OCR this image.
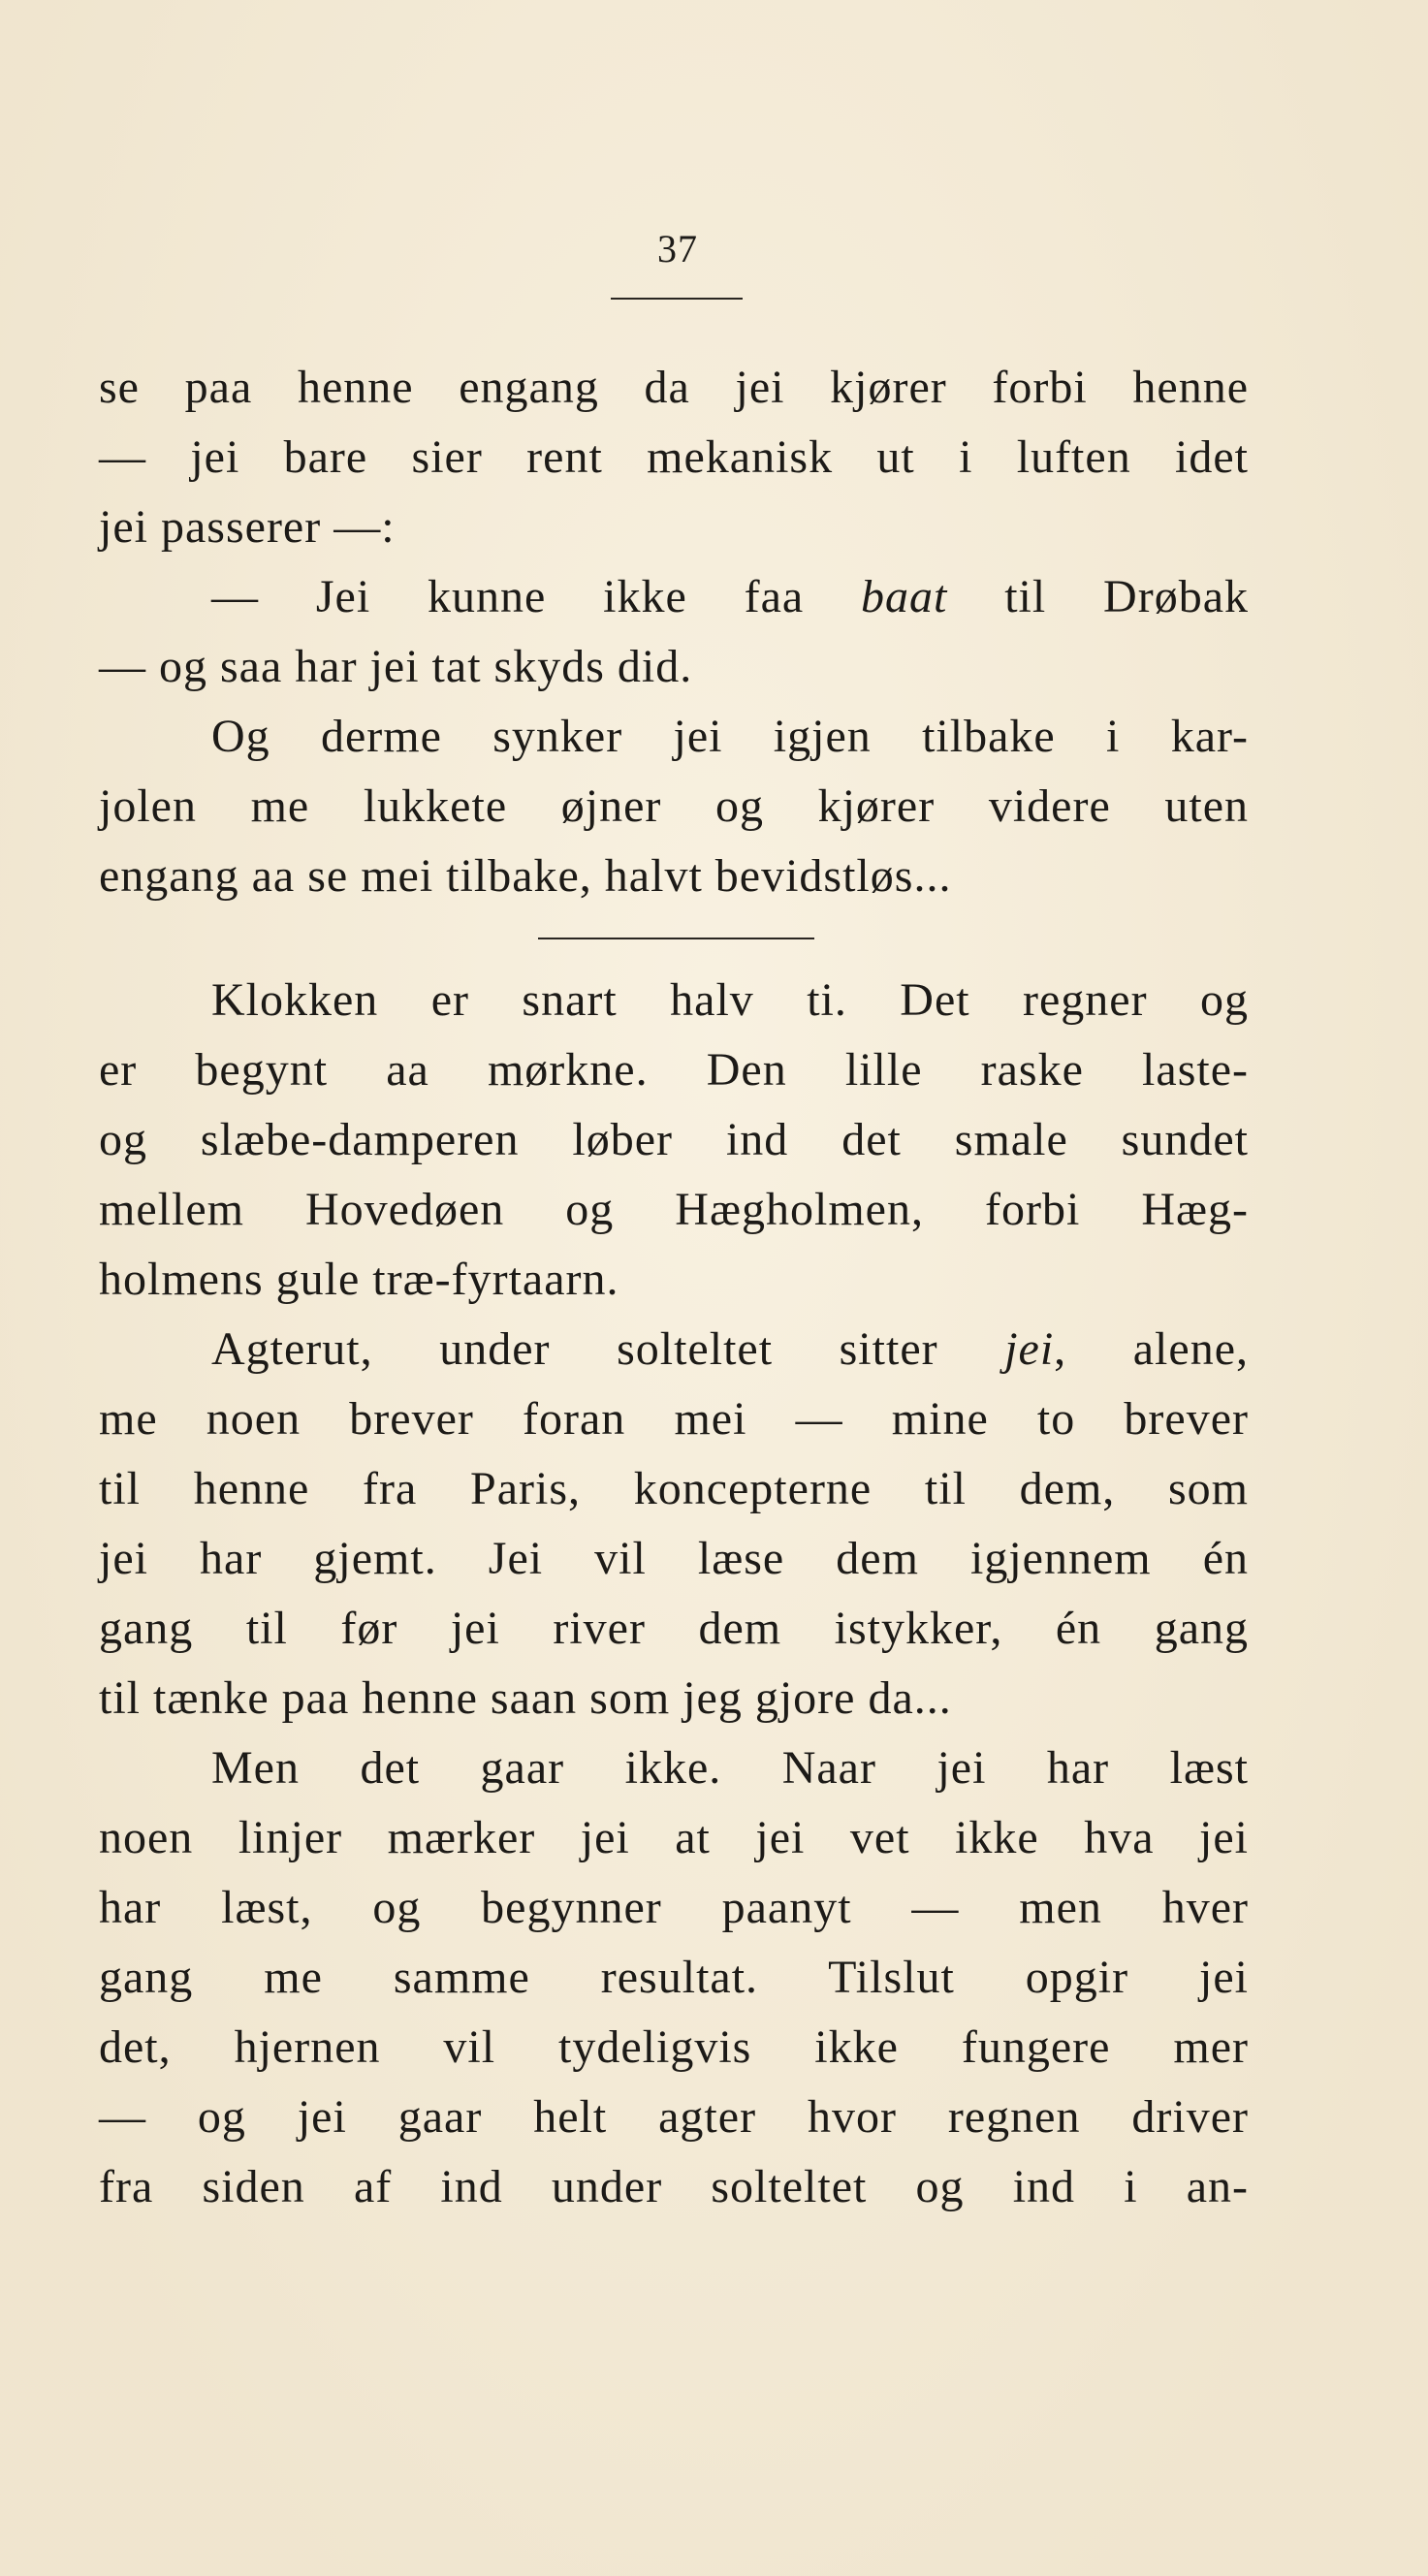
37
se paa henne engang da jei kjører forbi henne
— jei bare sier rent mekanisk ut i luften idet
jei passerer —:
— Jei kunne ikke faa baat til Drøbak
— og saa har jei tat skyds did.
Og derme synker jei igjen tilbake i kar-
jolen me lukkete øjner og kjører videre uten
engang aa se mei tilbake, halvt bevidstløs...
Klokken er snart halv ti. Det regner og
er begynt aa mørkne. Den lille raske laste-
og slæbe-damperen løber ind det smale sundet
mellem Hovedøen og Hægholmen, forbi Hæg-
holmens gule træ-fyrtaarn.
Agterut, under solteltet sitter jei, alene,
me noen brever foran mei — mine to brever
til henne fra Paris, koncepterne til dem, som
jei har gjemt. Jei vil læse dem igjennem én
gang til før jei river dem istykker, én gang
til tænke paa henne saan som jeg gjore da...
Men det gaar ikke. Naar jei har læst
noen linjer mærker jei at jei vet ikke hva jei
har læst, og begynner paanyt — men hver
gang me samme resultat. Tilslut opgir jei
det, hjernen vil tydeligvis ikke fungere mer
— og jei gaar helt agter hvor regnen driver
fra siden af ind under solteltet og ind i an-
